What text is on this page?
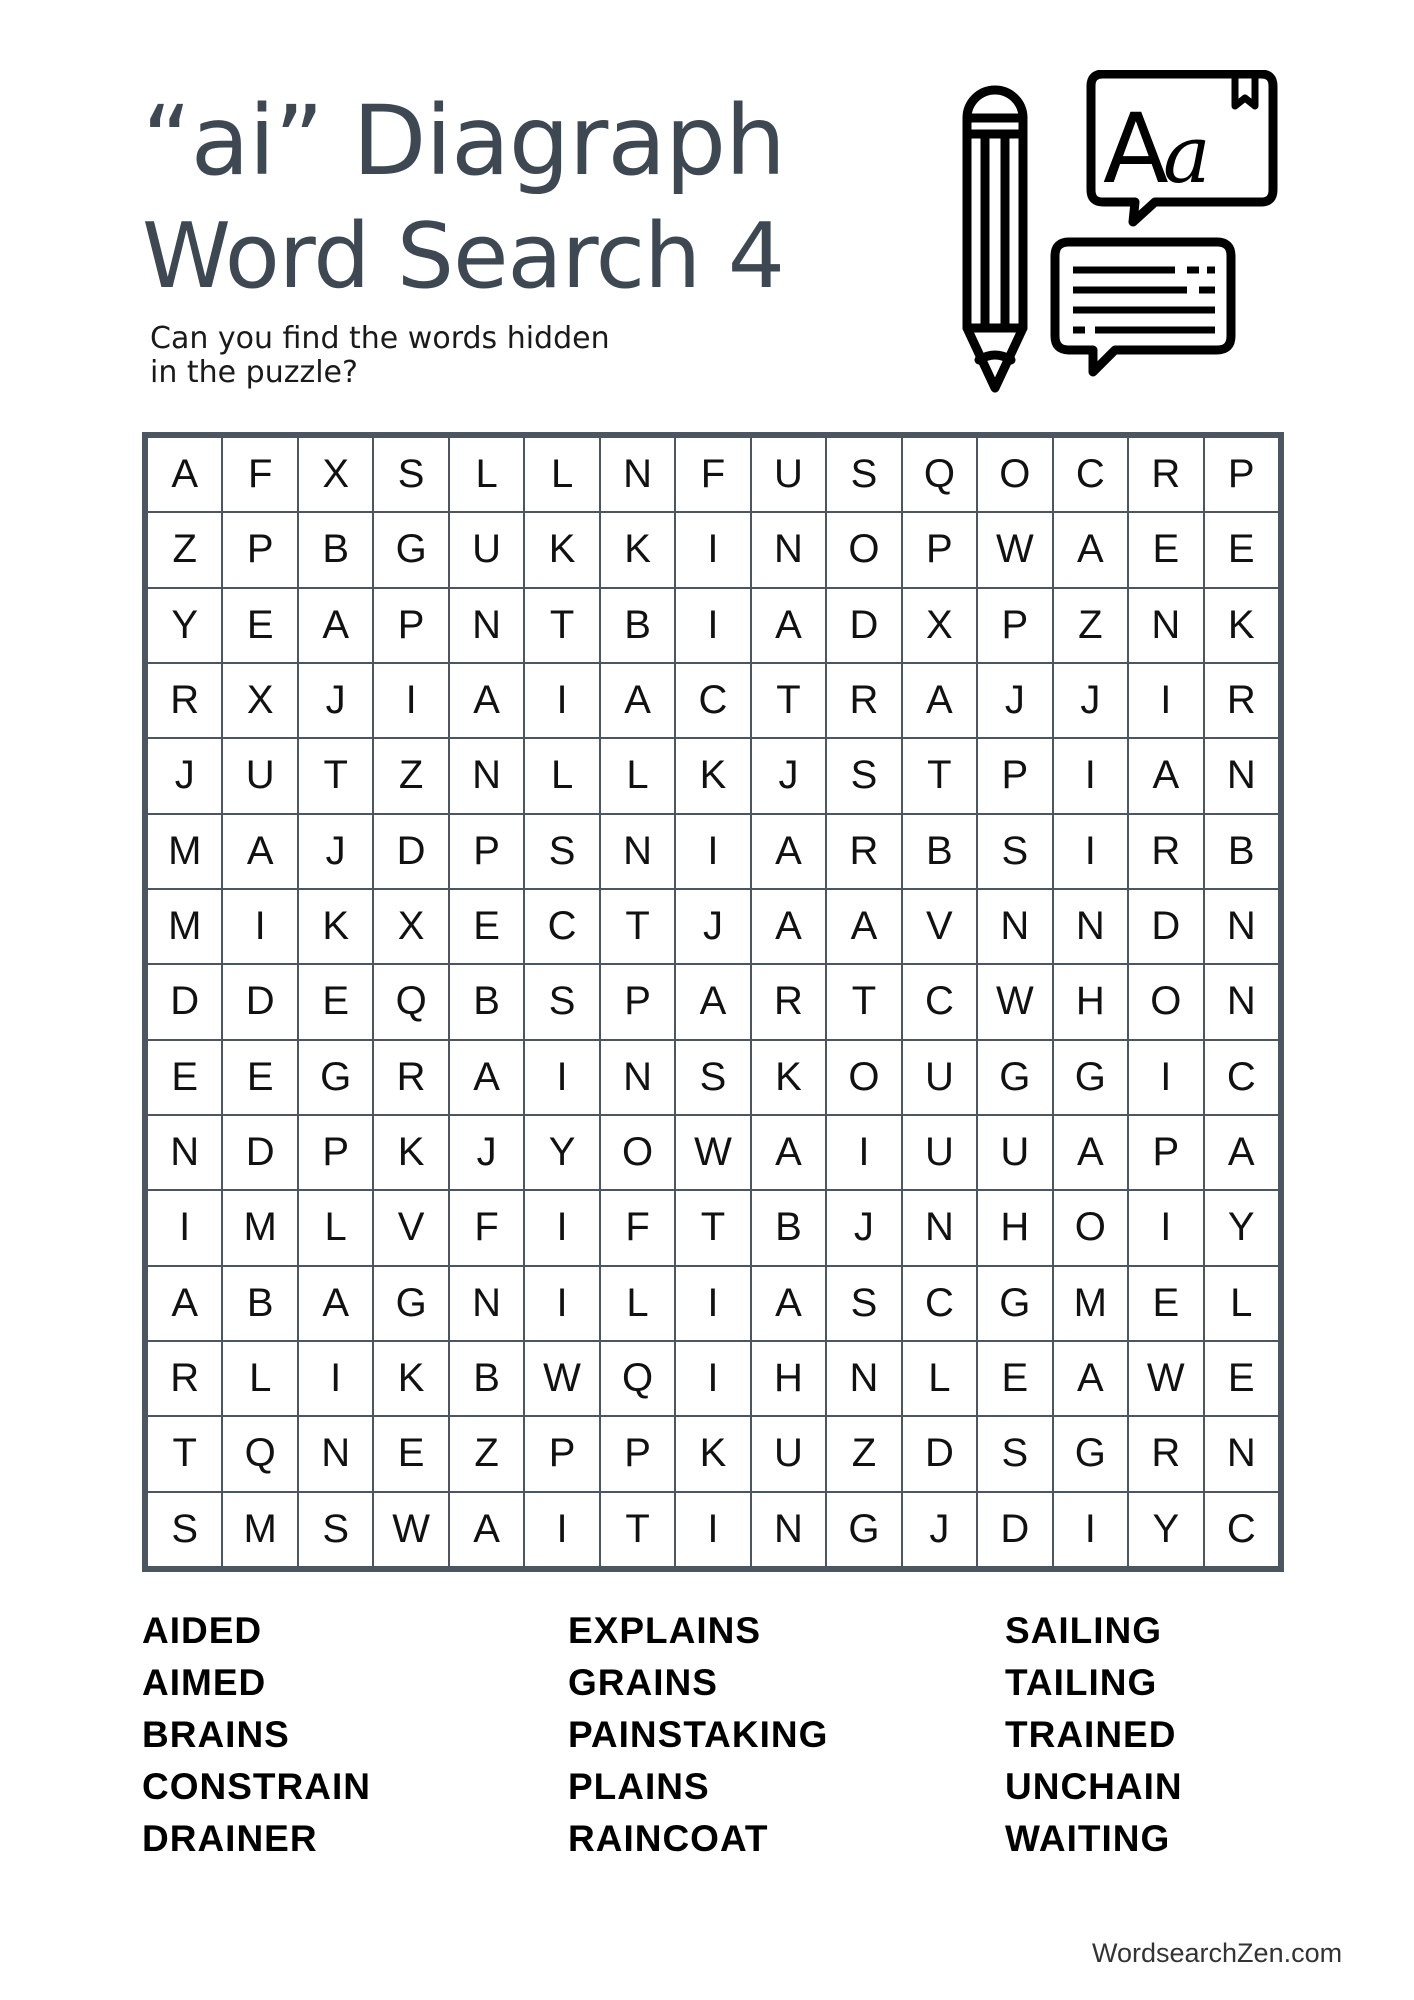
“ai” Diagraph
Word Search 4
Can you find the words hidden
in the puzzle?
A
a
A	F	X	S	L	L	N	F	U	S	Q	O	C	R	P
Z	P	B	G	U	K	K	I	N	O	P	W	A	E	E
Y	E	A	P	N	T	B	I	A	D	X	P	Z	N	K
R	X	J	I	A	I	A	C	T	R	A	J	J	I	R
J	U	T	Z	N	L	L	K	J	S	T	P	I	A	N
M	A	J	D	P	S	N	I	A	R	B	S	I	R	B
M	I	K	X	E	C	T	J	A	A	V	N	N	D	N
D	D	E	Q	B	S	P	A	R	T	C	W	H	O	N
E	E	G	R	A	I	N	S	K	O	U	G	G	I	C
N	D	P	K	J	Y	O	W	A	I	U	U	A	P	A
I	M	L	V	F	I	F	T	B	J	N	H	O	I	Y
A	B	A	G	N	I	L	I	A	S	C	G	M	E	L
R	L	I	K	B	W	Q	I	H	N	L	E	A	W	E
T	Q	N	E	Z	P	P	K	U	Z	D	S	G	R	N
S	M	S	W	A	I	T	I	N	G	J	D	I	Y	C
AIDED
AIMED
BRAINS
CONSTRAIN
DRAINER
EXPLAINS
GRAINS
PAINSTAKING
PLAINS
RAINCOAT
SAILING
TAILING
TRAINED
UNCHAIN
WAITING
WordsearchZen.com
